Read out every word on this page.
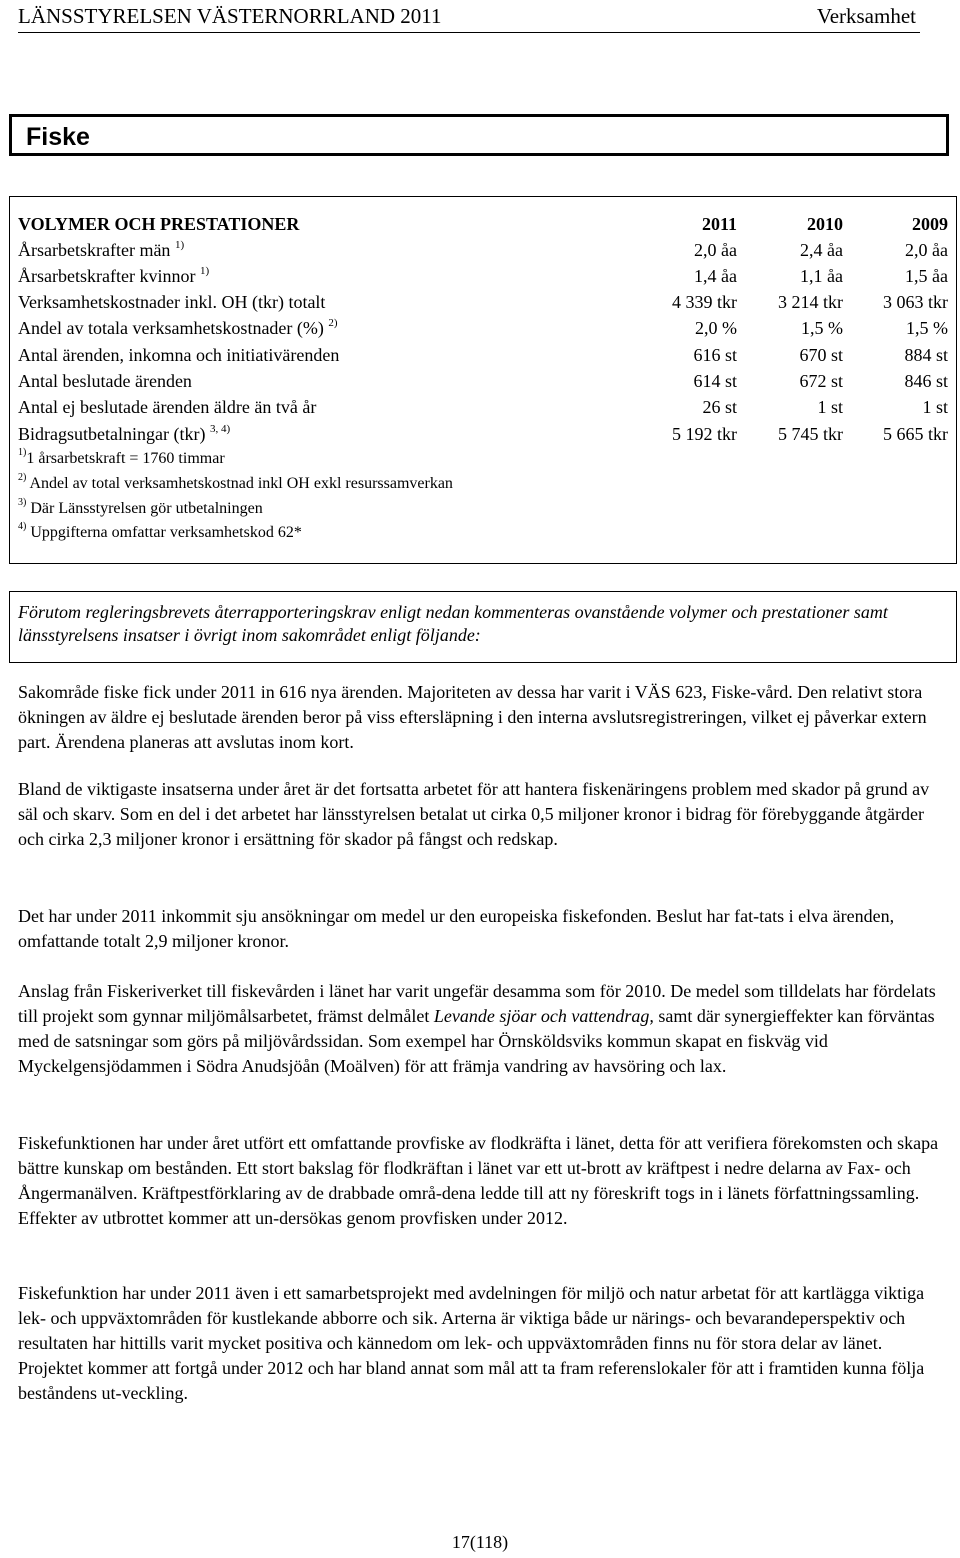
LÄNSSTYRELSEN VÄSTERNORRLAND 2011	Verksamhet
Fiske
VOLYMER OCH PRESTATIONER	2011	2010	2009
Årsarbetskrafter män $^{1)}$	2,0 åa	2,4 åa	2,0 åa
Årsarbetskrafter kvinnor $^{1)}$	1,4 åa	1,1 åa	1,5 åa
Verksamhetskostnader inkl. OH (tkr) totalt	4 339 tkr	3 214 tkr	3 063 tkr
Andel av totala verksamhetskostnader (%) $^{2)}$	2,0 %	1,5 %	1,5 %
Antal ärenden, inkomna och initiativärenden	616 st	670 st	884 st
Antal beslutade ärenden	614 st	672 st	846 st
Antal ej beslutade ärenden äldre än två år	26 st	1 st	1 st
Bidragsutbetalningar (tkr) $^{3, 4)}$	5 192 tkr	5 745 tkr	5 665 tkr
$^{1)}$1 årsarbetskraft = 1760 timmar
$^{2)}$ Andel av total verksamhetskostnad inkl OH exkl resurssamverkan
$^{3)}$ Där Länsstyrelsen gör utbetalningen
$^{4)}$ Uppgifterna omfattar verksamhetskod 62*
Förutom regleringsbrevets återrapporteringskrav enligt nedan kommenteras ovanstående volymer och prestationer samt länsstyrelsens insatser i övrigt inom sakområdet enligt följande:
Sakområde fiske fick under 2011 in 616 nya ärenden. Majoriteten av dessa har varit i VÄS 623, Fiske-vård. Den relativt stora ökningen av äldre ej beslutade ärenden beror på viss eftersläpning i den interna avslutsregistreringen, vilket ej påverkar extern part. Ärendena planeras att avslutas inom kort.
Bland de viktigaste insatserna under året är det fortsatta arbetet för att hantera fiskenäringens problem med skador på grund av säl och skarv. Som en del i det arbetet har länsstyrelsen betalat ut cirka 0,5 miljoner kronor i bidrag för förebyggande åtgärder och cirka 2,3 miljoner kronor i ersättning för skador på fångst och redskap.
Det har under 2011 inkommit sju ansökningar om medel ur den europeiska fiskefonden. Beslut har fat-tats i elva ärenden, omfattande totalt 2,9 miljoner kronor.
Anslag från Fiskeriverket till fiskevården i länet har varit ungefär desamma som för 2010. De medel som tilldelats har fördelats till projekt som gynnar miljömålsarbetet, främst delmålet Levande sjöar och vattendrag, samt där synergieffekter kan förväntas med de satsningar som görs på miljövårdssidan. Som exempel har Örnsköldsviks kommun skapat en fiskväg vid Myckelgensjödammen i Södra Anudsjöån (Moälven) för att främja vandring av havsöring och lax.
Fiskefunktionen har under året utfört ett omfattande provfiske av flodkräfta i länet, detta för att verifiera förekomsten och skapa bättre kunskap om bestånden. Ett stort bakslag för flodkräftan i länet var ett ut-brott av kräftpest i nedre delarna av Fax- och Ångermanälven. Kräftpestförklaring av de drabbade områ-dena ledde till att ny föreskrift togs in i länets författningssamling. Effekter av utbrottet kommer att un-dersökas genom provfisken under 2012.
Fiskefunktion har under 2011 även i ett samarbetsprojekt med avdelningen för miljö och natur arbetat för att kartlägga viktiga lek- och uppväxtområden för kustlekande abborre och sik. Arterna är viktiga både ur närings- och bevarandeperspektiv och resultaten har hittills varit mycket positiva och kännedom om lek- och uppväxtområden finns nu för stora delar av länet. Projektet kommer att fortgå under 2012 och har bland annat som mål att ta fram referenslokaler för att i framtiden kunna följa beståndens ut-veckling.
17(118)
